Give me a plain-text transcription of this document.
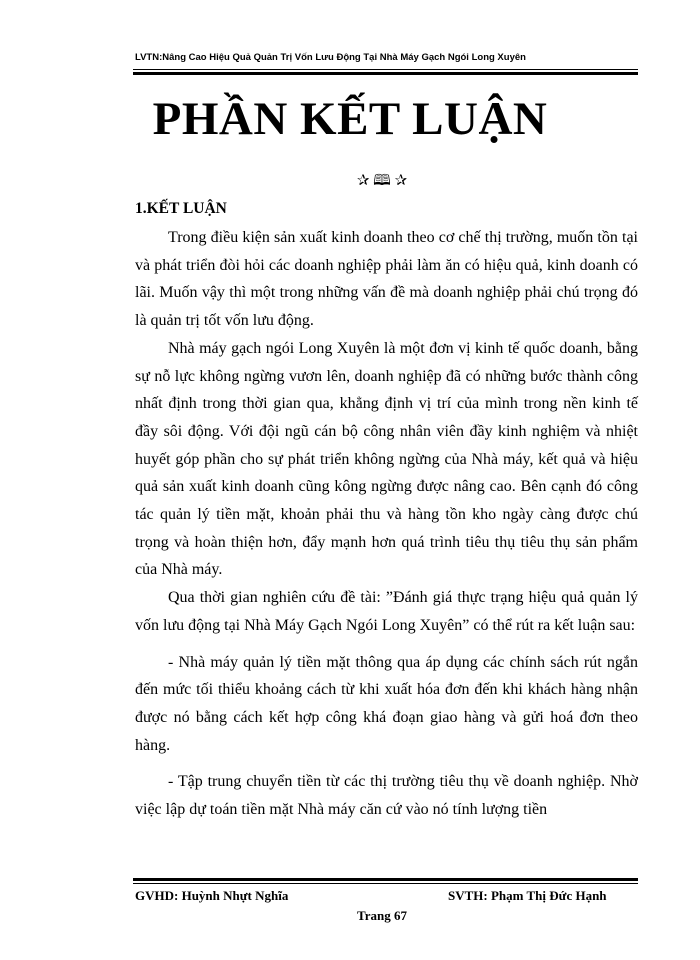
LVTN:Nâng Cao Hiệu Quả Quản Trị Vốn Lưu Động Tại Nhà Máy Gạch Ngói Long Xuyên
PHẦN KẾT LUẬN
✰ 🕮 ✰
1.KẾT LUẬN

Trong điều kiện sản xuất kinh doanh theo cơ chế thị trường, muốn tồn tại và phát triển đòi hỏi các doanh nghiệp phải làm ăn có hiệu quả, kinh doanh có lãi. Muốn vậy thì một trong những vấn đề mà doanh nghiệp phải chú trọng đó là quản trị tốt vốn lưu động.

Nhà máy gạch ngói Long Xuyên là một đơn vị kinh tế quốc doanh, bằng sự nỗ lực không ngừng vươn lên, doanh nghiệp đã có những bước thành công nhất định trong thời gian qua, khẳng định vị trí của mình trong nền kinh tế đầy sôi động. Với đội ngũ cán bộ công nhân viên đầy kinh nghiệm và nhiệt huyết góp phần cho sự phát triển không ngừng của Nhà máy, kết quả và hiệu quả sản xuất kinh doanh cũng kông ngừng được nâng cao. Bên cạnh đó công tác quản lý tiền mặt, khoản phải thu và hàng tồn kho ngày càng được chú trọng và hoàn thiện hơn, đẩy mạnh hơn quá trình tiêu thụ tiêu thụ sản phẩm của Nhà máy.

Qua thời gian nghiên cứu đề tài: ”Đánh giá thực trạng hiệu quả quản lý vốn lưu động tại Nhà Máy Gạch Ngói Long Xuyên” có thể rút ra kết luận sau:

- Nhà máy quản lý tiền mặt thông qua áp dụng các chính sách rút ngắn đến mức tối thiểu khoảng cách từ khi xuất hóa đơn đến khi khách hàng nhận được nó bằng cách kết hợp công khá đoạn giao hàng và gửi hoá đơn theo hàng.

- Tập trung chuyển tiền từ các thị trường tiêu thụ về doanh nghiệp. Nhờ việc lập dự toán tiền mặt Nhà máy căn cứ vào nó tính lượng tiền

GVHD: Huỳnh Nhựt Nghĩa	SVTH: Phạm Thị Đức Hạnh
Trang 67
